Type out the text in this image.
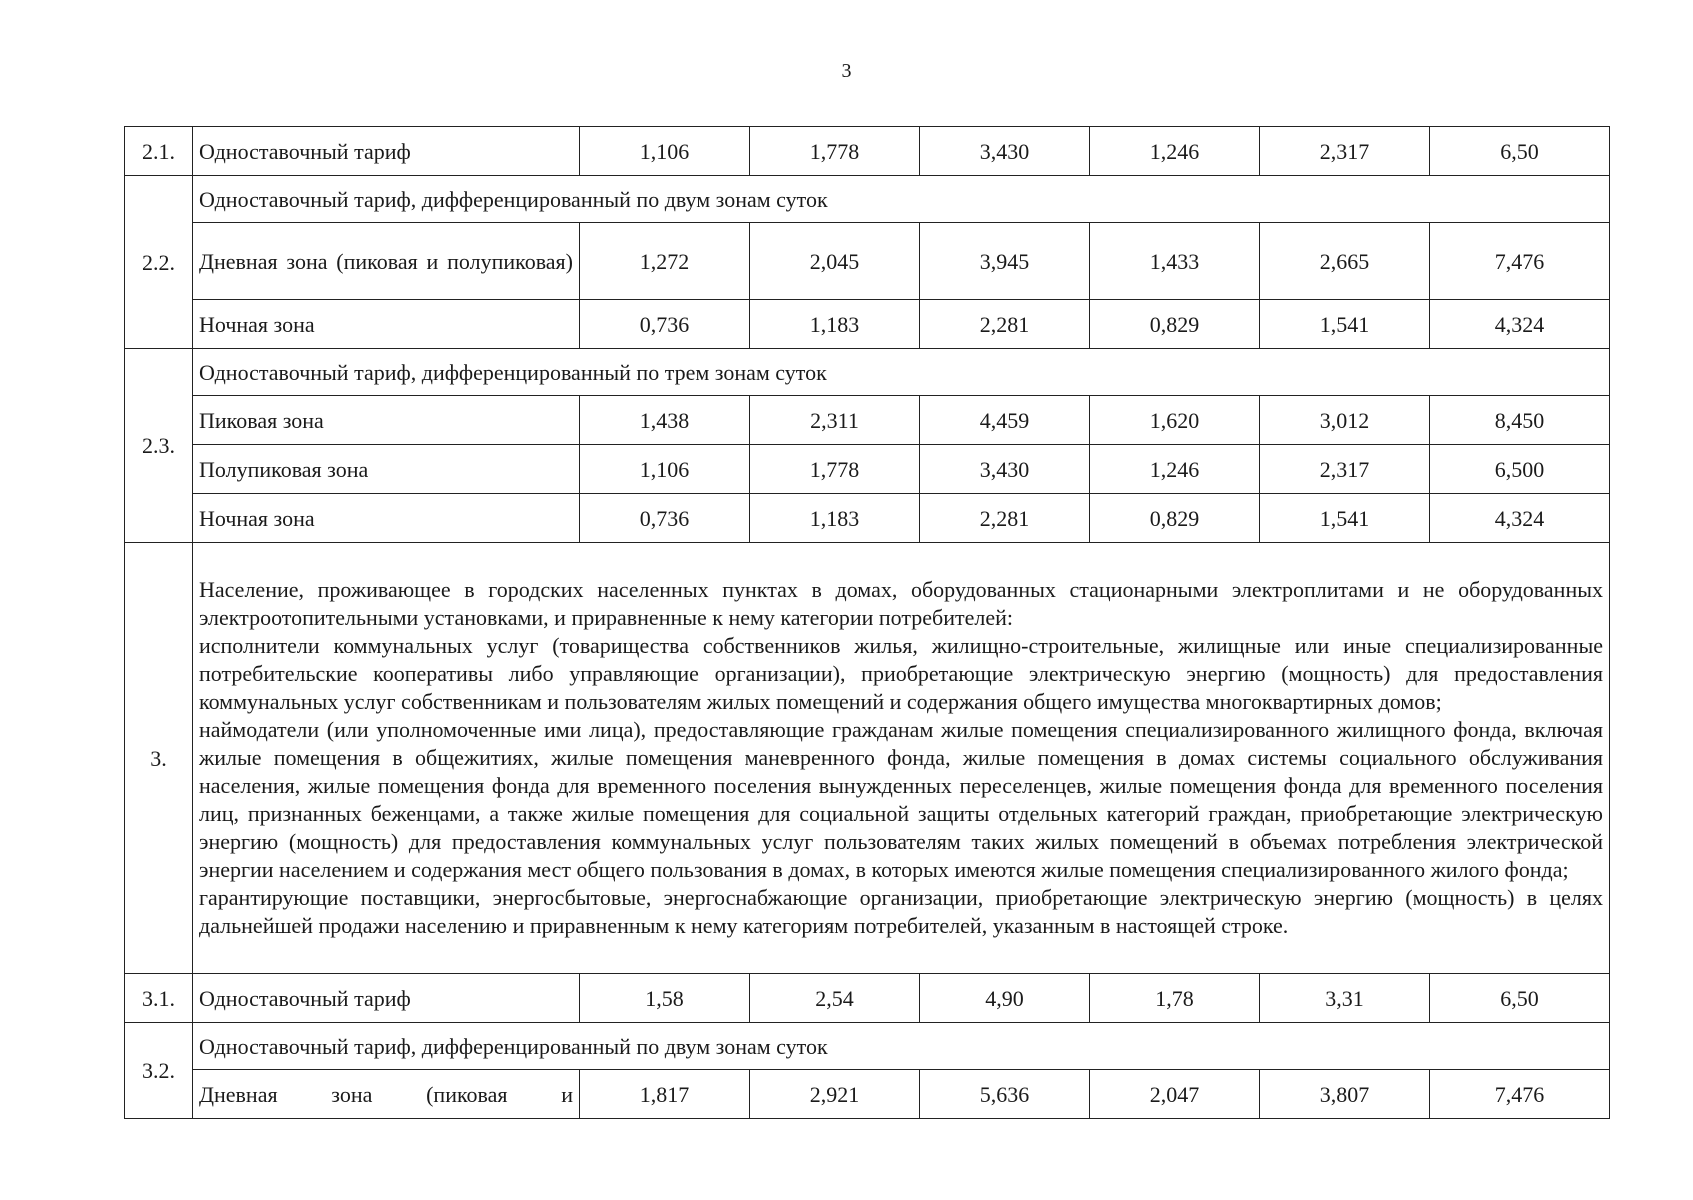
3
2.1.	Одноставочный тариф	1,106	1,778	3,430	1,246	2,317	6,50
2.2.	Одноставочный тариф, дифференцированный по двум зонам суток						
	Дневная зона (пиковая и полупиковая)	1,272	2,045	3,945	1,433	2,665	7,476
	Ночная зона	0,736	1,183	2,281	0,829	1,541	4,324
2.3.	Одноставочный тариф, дифференцированный по трем зонам суток						
	Пиковая зона	1,438	2,311	4,459	1,620	3,012	8,450
	Полупиковая зона	1,106	1,778	3,430	1,246	2,317	6,500
	Ночная зона	0,736	1,183	2,281	0,829	1,541	4,324
3.	Население, проживающее в городских населенных пунктах в домах, оборудованных стационарными электроплитами и не оборудованных электроотопительными установками, и приравненные к нему категории потребителей:

исполнители коммунальных услуг (товарищества собственников жилья, жилищно-строительные, жилищные или иные специализированные потребительские кооперативы либо управляющие организации), приобретающие электрическую энергию (мощность) для предоставления коммунальных услуг собственникам и пользователям жилых помещений и содержания общего имущества многоквартирных домов;

наймодатели (или уполномоченные ими лица), предоставляющие гражданам жилые помещения специализированного жилищного фонда, включая жилые помещения в общежитиях, жилые помещения маневренного фонда, жилые помещения в домах системы социального обслуживания населения, жилые помещения фонда для временного поселения вынужденных переселенцев, жилые помещения фонда для временного поселения лиц, признанных беженцами, а также жилые помещения для социальной защиты отдельных категорий граждан, приобретающие электрическую энергию (мощность) для предоставления коммунальных услуг пользователям таких жилых помещений в объемах потребления электрической энергии населением и содержания мест общего пользования в домах, в которых имеются жилые помещения специализированного жилого фонда;

гарантирующие поставщики, энергосбытовые, энергоснабжающие организации, приобретающие электрическую энергию (мощность) в целях дальнейшей продажи населению и приравненным к нему категориям потребителей, указанным в настоящей строке.						

3.1.	Одноставочный тариф	1,58	2,54	4,90	1,78	3,31	6,50
3.2.	Одноставочный тариф, дифференцированный по двум зонам суток						
	Дневная зона (пиковая и	1,817	2,921	5,636	2,047	3,807	7,476
